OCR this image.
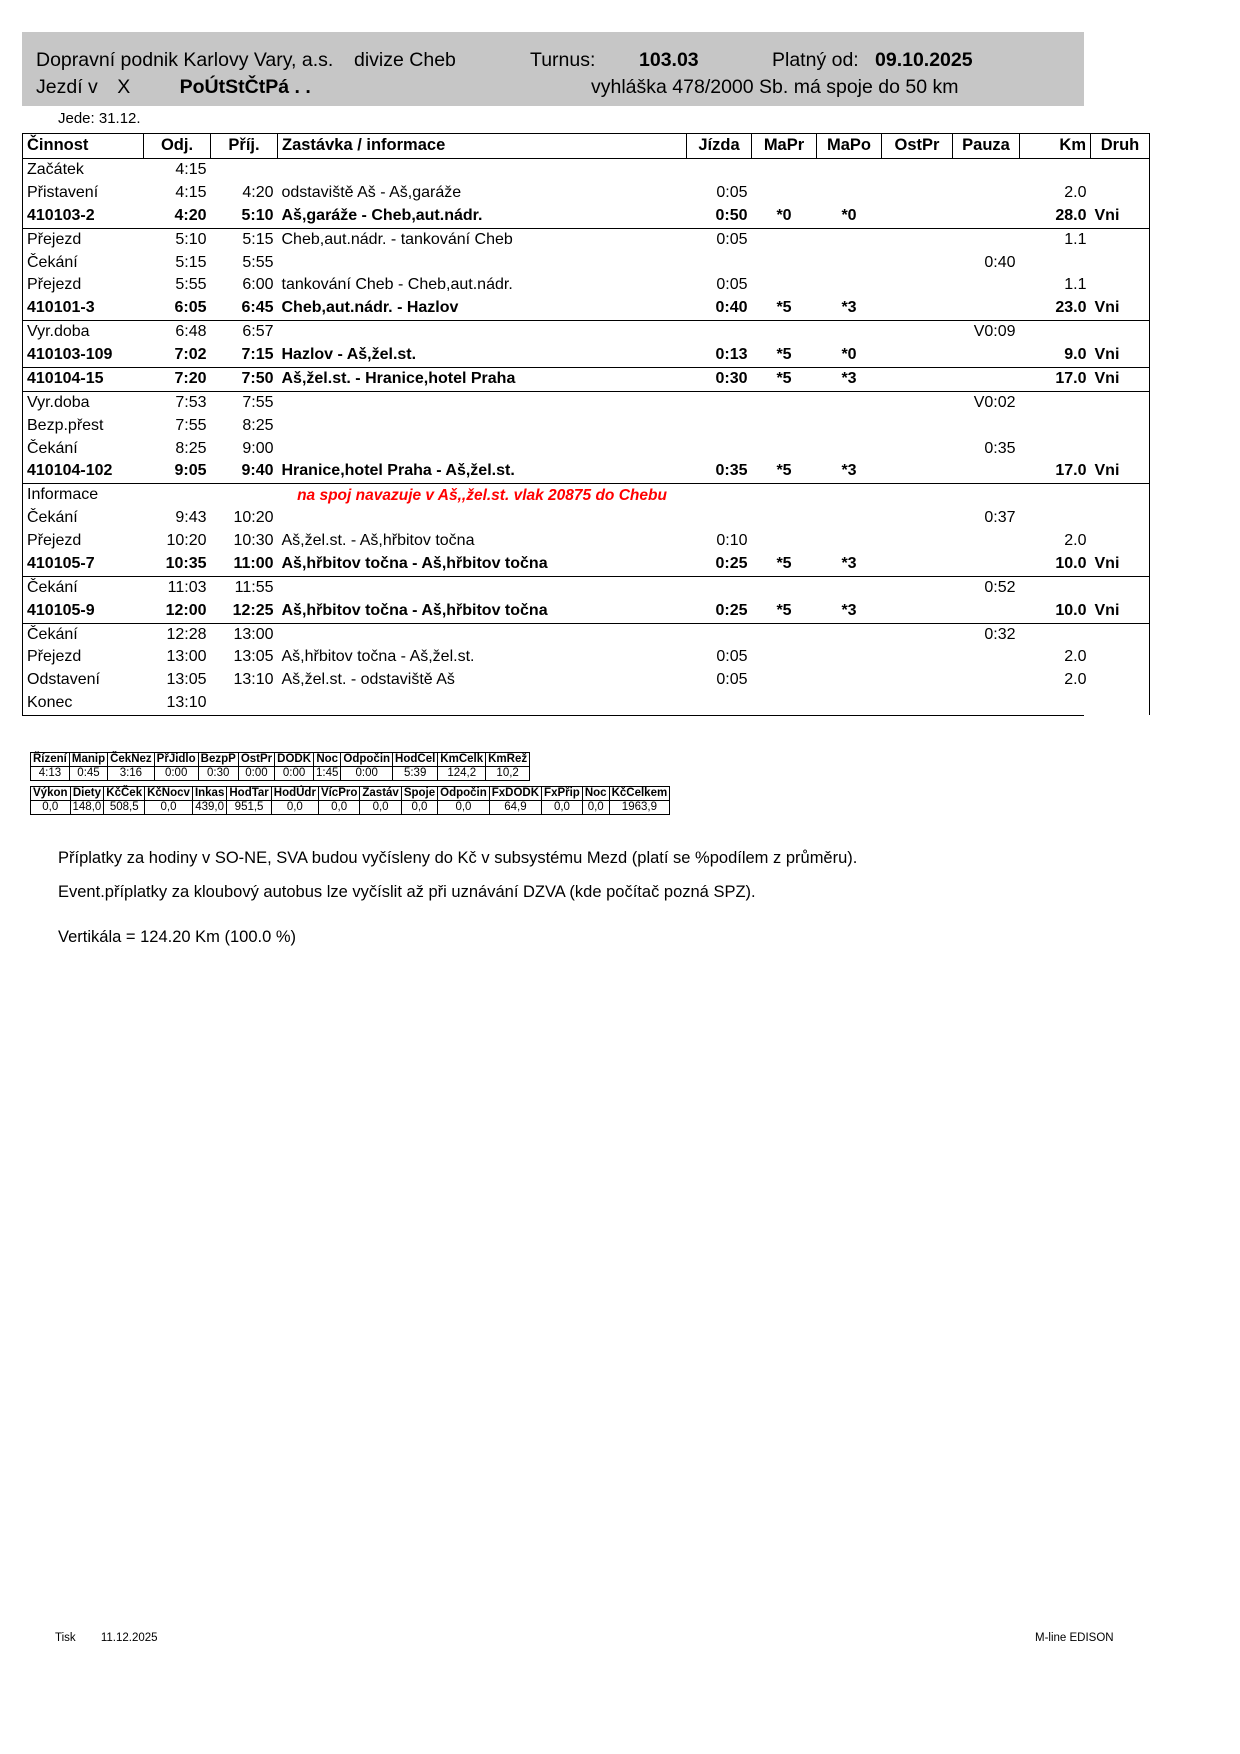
Dopravní podnik Karlovy Vary, a.s. divize Cheb
Jezdí v X	PoÚtStČtPá . .
Turnus: 103.03	Platný od: 09.10.2025
vyhláška 478/2000 Sb. má spoje do 50 km
Jede: 31.12.
Činnost	Odj.	Příj.	Zastávka / informace	Jízda	MaPr	MaPo	OstPr	Pauza	Km	Druh
Začátek	4:15									
Přistavení	4:15	4:20	odstaviště Aš - Aš,garáže	0:05					2.0	
410103-2	4:20	5:10	Aš,garáže - Cheb,aut.nádr.	0:50	*0	*0			28.0	Vni
Přejezd	5:10	5:15	Cheb,aut.nádr. - tankování Cheb	0:05					1.1	
Čekání	5:15	5:55						0:40		
Přejezd	5:55	6:00	tankování Cheb - Cheb,aut.nádr.	0:05					1.1	
410101-3	6:05	6:45	Cheb,aut.nádr. - Hazlov	0:40	*5	*3			23.0	Vni
Vyr.doba	6:48	6:57						V0:09		
410103-109	7:02	7:15	Hazlov - Aš,žel.st.	0:13	*5	*0			9.0	Vni
410104-15	7:20	7:50	Aš,žel.st. - Hranice,hotel Praha	0:30	*5	*3			17.0	Vni
Vyr.doba	7:53	7:55						V0:02		
Bezp.přest	7:55	8:25								
Čekání	8:25	9:00						0:35		
410104-102	9:05	9:40	Hranice,hotel Praha - Aš,žel.st.	0:35	*5	*3			17.0	Vni
Informace			na spoj navazuje v Aš,,žel.st. vlak 20875 do Chebu							
Čekání	9:43	10:20						0:37		
Přejezd	10:20	10:30	Aš,žel.st. - Aš,hřbitov točna	0:10					2.0	
410105-7	10:35	11:00	Aš,hřbitov točna - Aš,hřbitov točna	0:25	*5	*3			10.0	Vni
Čekání	11:03	11:55						0:52		
410105-9	12:00	12:25	Aš,hřbitov točna - Aš,hřbitov točna	0:25	*5	*3			10.0	Vni
Čekání	12:28	13:00						0:32		
Přejezd	13:00	13:05	Aš,hřbitov točna - Aš,žel.st.	0:05					2.0	
Odstavení	13:05	13:10	Aš,žel.st. - odstaviště Aš	0:05					2.0	
Konec	13:10									
Řízení	Manip	ČekNez	PřJidlo	BezpP	OstPr	DODK	Noc	Odpočin	HodCel	KmCelk	KmRež
4:13	0:45	3:16	0:00	0:30	0:00	0:00	1:45	0:00	5:39	124,2	10,2
Výkon	Diety	KčČek	KčNocv	Inkas	HodTar	HodÚdr	VícPro	Zastáv	Spoje	Odpočin	FxDODK	FxPřip	Noc	KčCelkem
0,0	148,0	508,5	0,0	439,0	951,5	0,0	0,0	0,0	0,0	0,0	64,9	0,0	0,0	1963,9
Příplatky za hodiny v SO-NE, SVA budou vyčísleny do Kč v subsystému Mezd (platí se %podílem z průměru).
Event.příplatky za kloubový autobus lze vyčíslit až při uznávání DZVA (kde počítač pozná SPZ).
Vertikála = 124.20 Km (100.0 %)
Tisk 11.12.2025	M-line EDISON
